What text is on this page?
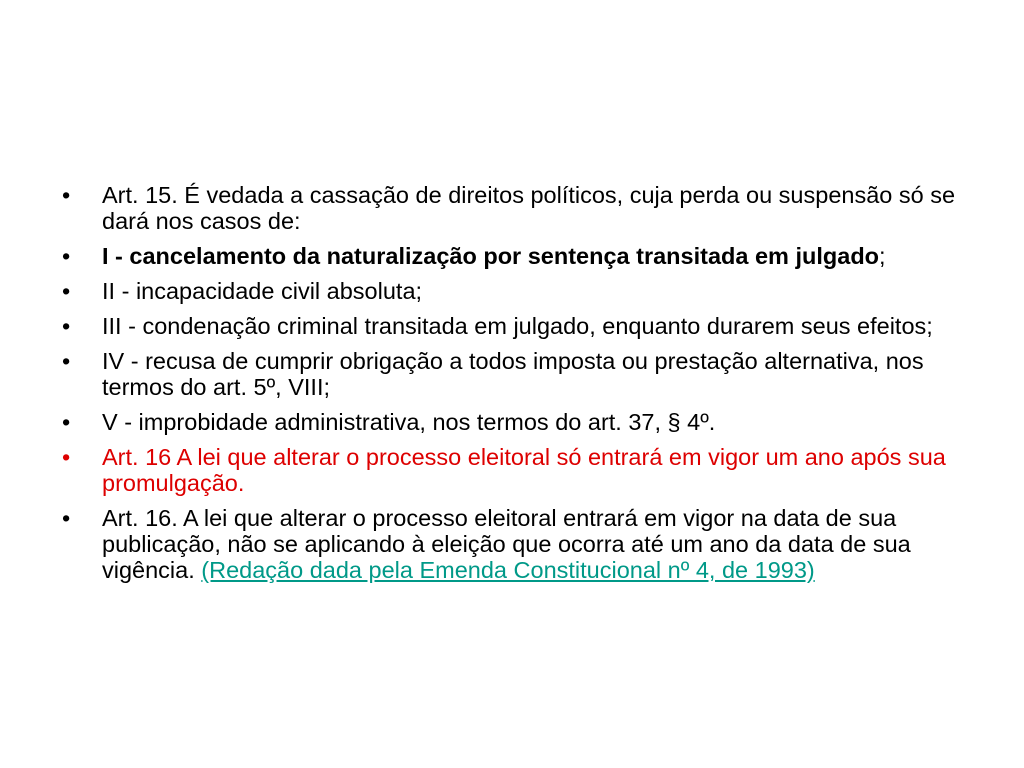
•	Art. 15. É vedada a cassação de direitos políticos, cuja perda ou suspensão só se dará nos casos de:
•	I - cancelamento da naturalização por sentença transitada em julgado;
•	II - incapacidade civil absoluta;
•	III - condenação criminal transitada em julgado, enquanto durarem seus efeitos;
•	IV - recusa de cumprir obrigação a todos imposta ou prestação alternativa, nos termos do art. 5º, VIII;
•	V - improbidade administrativa, nos termos do art. 37, § 4º.
•	Art. 16 A lei que alterar o processo eleitoral só entrará em vigor um ano após sua promulgação.
•	Art. 16. A lei que alterar o processo eleitoral entrará em vigor na data de sua publicação, não se aplicando à eleição que ocorra até um ano da data de sua vigência. (Redação dada pela Emenda Constitucional nº 4, de 1993)
